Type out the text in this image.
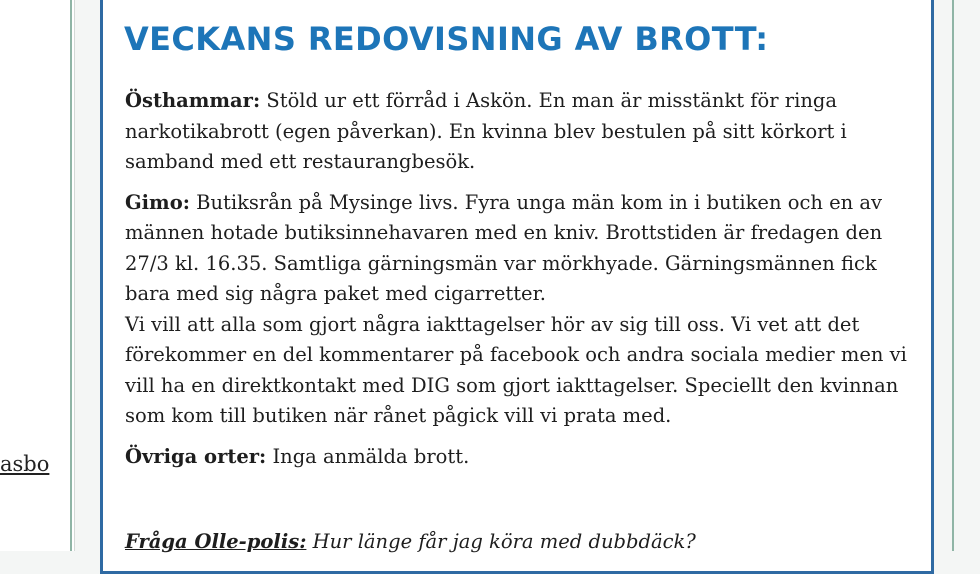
asbo
VECKANS REDOVISNING AV BROTT:

Östhammar: Stöld ur ett förråd i Askön. En man är misstänkt för ringa narkotikabrott (egen påverkan). En kvinna blev bestulen på sitt körkort i samband med ett restaurangbesök.

Gimo: Butiksrån på Mysinge livs. Fyra unga män kom in i butiken och en av männen hotade butiksinnehavaren med en kniv. Brottstiden är fredagen den 27/3 kl. 16.35. Samtliga gärningsmän var mörkhyade. Gärningsmännen fick bara med sig några paket med cigarretter.

Vi vill att alla som gjort några iakttagelser hör av sig till oss. Vi vet att det förekommer en del kommentarer på facebook och andra sociala medier men vi vill ha en direktkontakt med DIG som gjort iakttagelser. Speciellt den kvinnan som kom till butiken när rånet pågick vill vi prata med.

Övriga orter: Inga anmälda brott.

Fråga Olle-polis: Hur länge får jag köra med dubbdäck?
